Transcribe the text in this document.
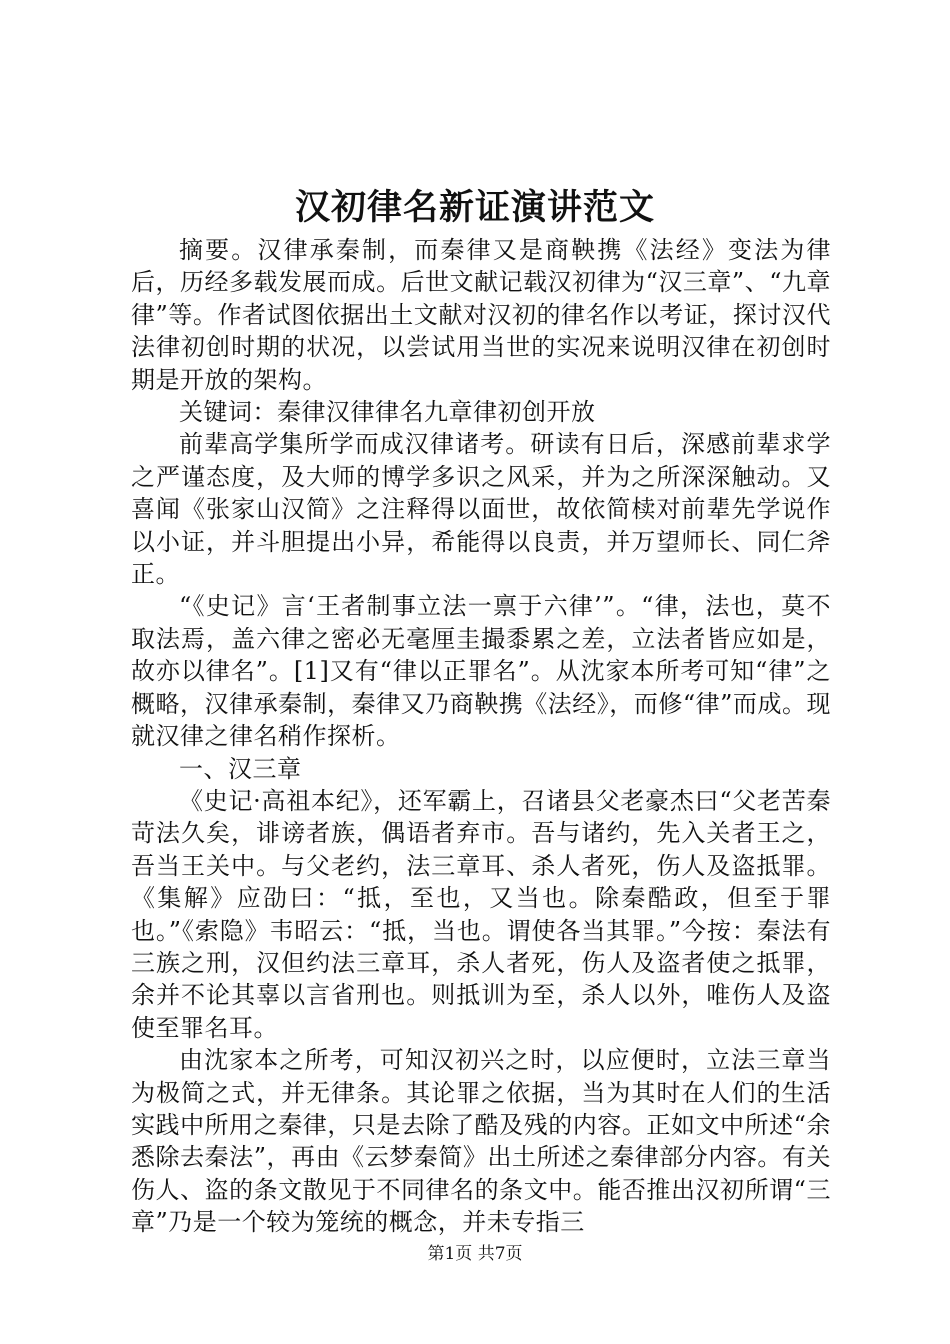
汉初律名新证演讲范文

摘要。汉律承秦制，而秦律又是商鞅携《法经》变法为律后，历经多载发展而成。后世文献记载汉初律为“汉三章”、“九章律”等。作者试图依据出土文献对汉初的律名作以考证，探讨汉代法律初创时期的状况，以尝试用当世的实况来说明汉律在初创时期是开放的架构。

关键词：秦律汉律律名九章律初创开放

前辈高学集所学而成汉律诸考。研读有日后，深感前辈求学之严谨态度，及大师的博学多识之风采，并为之所深深触动。又喜闻《张家山汉简》之注释得以面世，故依简椟对前辈先学说作以小证，并斗胆提出小异，希能得以良责，并万望师长、同仁斧正。

“《史记》言‘王者制事立法一禀于六律’”。“律，法也，莫不取法焉，盖六律之密必无毫厘圭撮黍累之差，立法者皆应如是，故亦以律名”。[1]又有“律以正罪名”。从沈家本所考可知“律”之概略，汉律承秦制，秦律又乃商鞅携《法经》，而修“律”而成。现就汉律之律名稍作探析。

一、汉三章

《史记·高祖本纪》，还军霸上，召诸县父老豪杰曰“父老苦秦苛法久矣，诽谤者族，偶语者弃市。吾与诸约，先入关者王之，吾当王关中。与父老约，法三章耳、杀人者死，伤人及盗抵罪。《集解》应劭曰：“抵，至也，又当也。除秦酷政，但至于罪也。”《索隐》韦昭云：“抵，当也。谓使各当其罪。”今按：秦法有三族之刑，汉但约法三章耳，杀人者死，伤人及盗者使之抵罪，余并不论其辜以言省刑也。则抵训为至，杀人以外，唯伤人及盗使至罪名耳。

由沈家本之所考，可知汉初兴之时，以应便时，立法三章当为极简之式，并无律条。其论罪之依据，当为其时在人们的生活实践中所用之秦律，只是去除了酷及残的内容。正如文中所述“余悉除去秦法”，再由《云梦秦简》出土所述之秦律部分内容。有关伤人、盗的条文散见于不同律名的条文中。能否推出汉初所谓“三章”乃是一个较为笼统的概念，并未专指三

第1页 共7页
